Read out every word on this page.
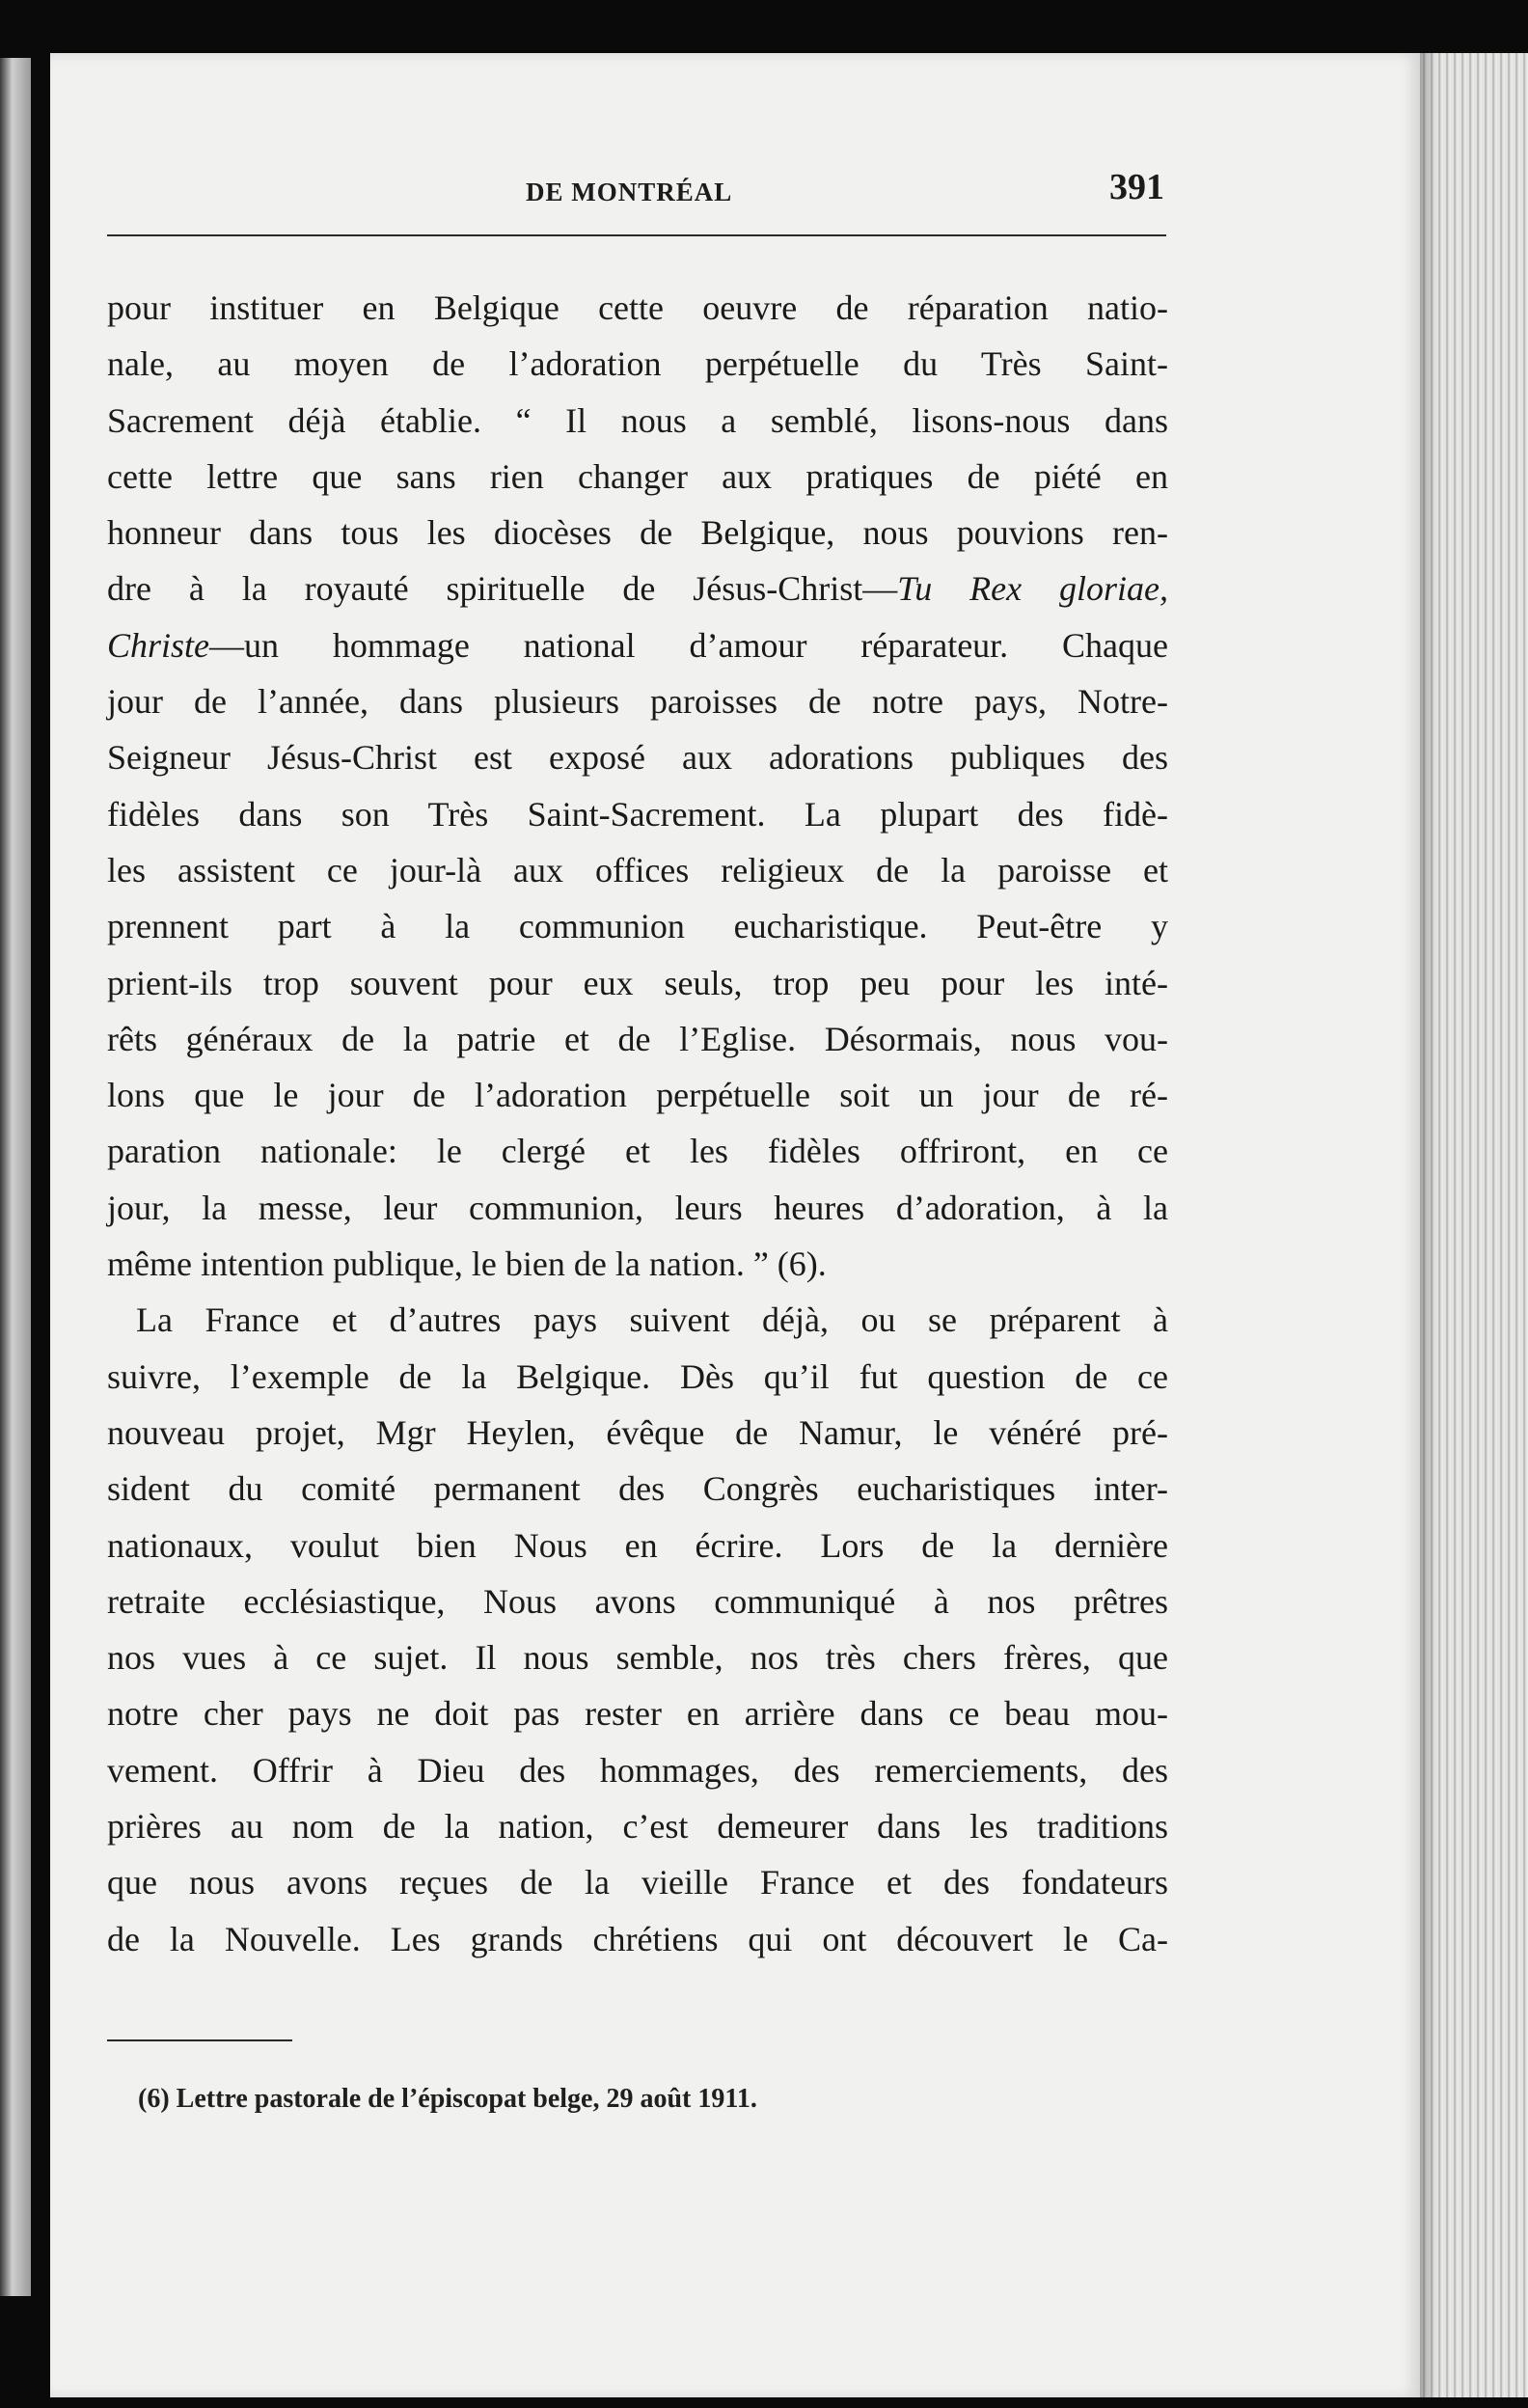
DE MONTRÉAL	391
pour instituer en Belgique cette oeuvre de réparation natio-
nale, au moyen de l’adoration perpétuelle du Très Saint-
Sacrement déjà établie. “ Il nous a semblé, lisons-nous dans
cette lettre que sans rien changer aux pratiques de piété en
honneur dans tous les diocèses de Belgique, nous pouvions ren-
dre à la royauté spirituelle de Jésus-Christ—Tu Rex gloriae,
Christe—un hommage national d’amour réparateur. Chaque
jour de l’année, dans plusieurs paroisses de notre pays, Notre-
Seigneur Jésus-Christ est exposé aux adorations publiques des
fidèles dans son Très Saint-Sacrement. La plupart des fidè-
les assistent ce jour-là aux offices religieux de la paroisse et
prennent part à la communion eucharistique. Peut-être y
prient-ils trop souvent pour eux seuls, trop peu pour les inté-
rêts généraux de la patrie et de l’Eglise. Désormais, nous vou-
lons que le jour de l’adoration perpétuelle soit un jour de ré-
paration nationale: le clergé et les fidèles offriront, en ce
jour, la messe, leur communion, leurs heures d’adoration, à la
même intention publique, le bien de la nation. ” (6).
La France et d’autres pays suivent déjà, ou se préparent à
suivre, l’exemple de la Belgique. Dès qu’il fut question de ce
nouveau projet, Mgr Heylen, évêque de Namur, le vénéré pré-
sident du comité permanent des Congrès eucharistiques inter-
nationaux, voulut bien Nous en écrire. Lors de la dernière
retraite ecclésiastique, Nous avons communiqué à nos prêtres
nos vues à ce sujet. Il nous semble, nos très chers frères, que
notre cher pays ne doit pas rester en arrière dans ce beau mou-
vement. Offrir à Dieu des hommages, des remerciements, des
prières au nom de la nation, c’est demeurer dans les traditions
que nous avons reçues de la vieille France et des fondateurs
de la Nouvelle. Les grands chrétiens qui ont découvert le Ca-
(6) Lettre pastorale de l’épiscopat belge, 29 août 1911.
